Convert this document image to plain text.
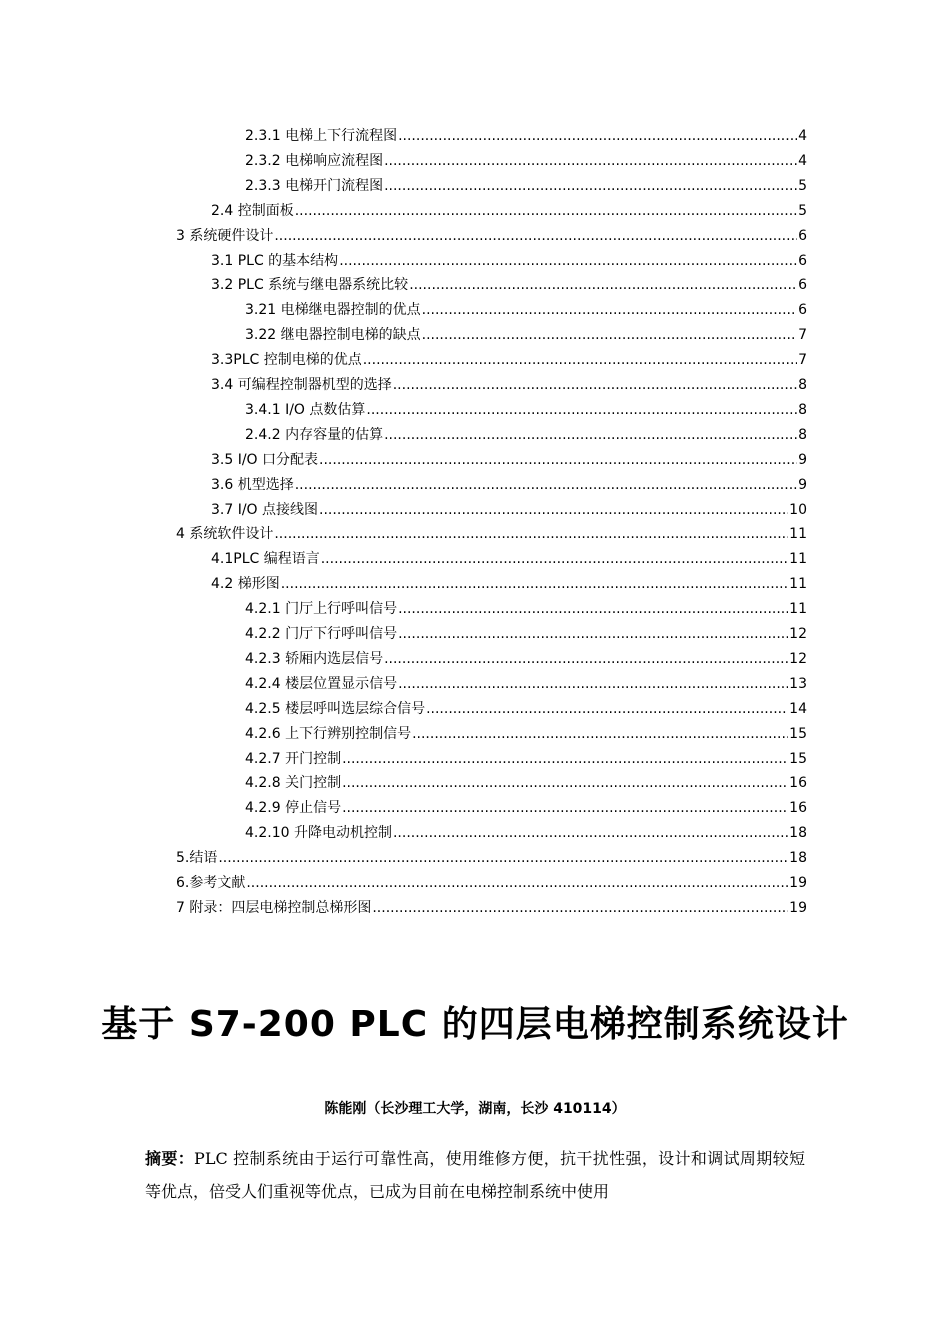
2.3.1 电梯上下行流程图 .....	4
2.3.2 电梯响应流程图 .....	4
2.3.3 电梯开门流程图 .....	5
2.4 控制面板 .....	5
3 系统硬件设计 .....	6
3.1 PLC 的基本结构 .....	6
3.2 PLC 系统与继电器系统比较 .....	6
3.21 电梯继电器控制的优点 .....	6
3.22 继电器控制电梯的缺点 .....	7
3.3PLC 控制电梯的优点 .....	7
3.4 可编程控制器机型的选择 .....	8
3.4.1 I/O 点数估算 .....	8
2.4.2 内存容量的估算 .....	8
3.5 I/O 口分配表 .....	9
3.6 机型选择 .....	9
3.7 I/O 点接线图 .....	10
4 系统软件设计 .....	11
4.1PLC 编程语言 .....	11
4.2 梯形图 .....	11
4.2.1 门厅上行呼叫信号 .....	11
4.2.2 门厅下行呼叫信号 .....	12
4.2.3 轿厢内选层信号 .....	12
4.2.4 楼层位置显示信号 .....	13
4.2.5 楼层呼叫选层综合信号 .....	14
4.2.6 上下行辨别控制信号 .....	15
4.2.7 开门控制 .....	15
4.2.8 关门控制 .....	16
4.2.9 停止信号 .....	16
4.2.10 升降电动机控制 .....	18
5.结语 .....	18
6.参考文献 .....	19
7 附录：四层电梯控制总梯形图 .....	19
基于 S7-200 PLC 的四层电梯控制系统设计
陈能刚（长沙理工大学，湖南，长沙 410114）
摘要：PLC 控制系统由于运行可靠性高，使用维修方便，抗干扰性强，设计和调试周期较短等优点，倍受人们重视等优点，已成为目前在电梯控制系统中使用
